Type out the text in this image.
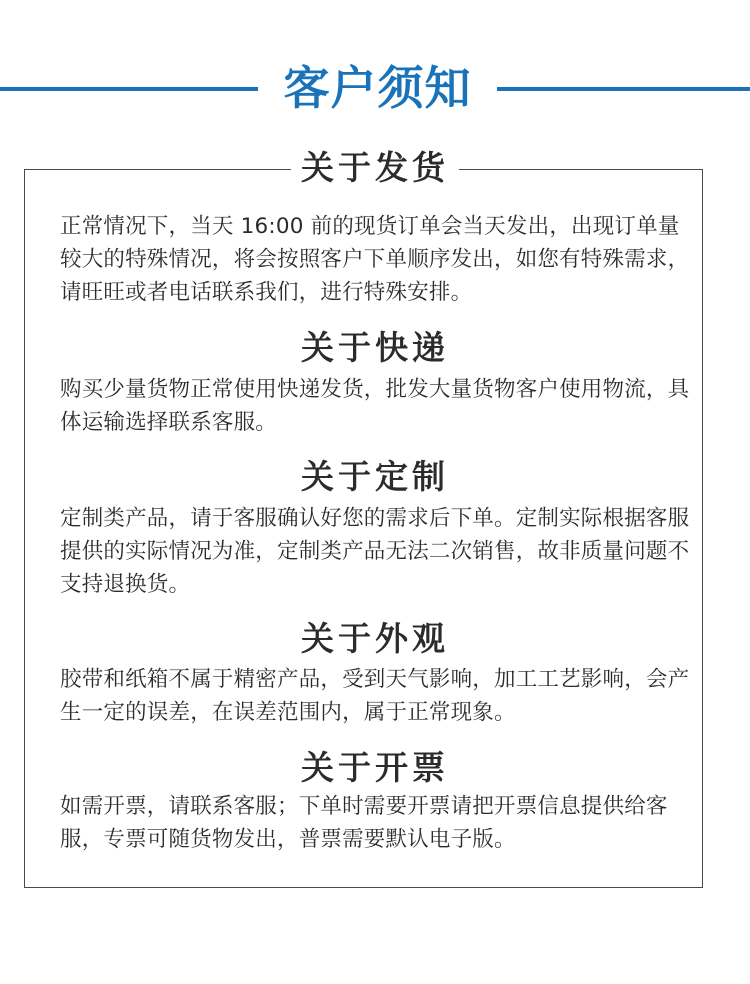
客户须知
关于发货
正常情况下，当天 16:00 前的现货订单会当天发出，出现订单量较大的特殊情况，将会按照客户下单顺序发出，如您有特殊需求，请旺旺或者电话联系我们，进行特殊安排。
关于快递
购买少量货物正常使用快递发货，批发大量货物客户使用物流，具体运输选择联系客服。
关于定制
定制类产品，请于客服确认好您的需求后下单。定制实际根据客服提供的实际情况为准，定制类产品无法二次销售，故非质量问题不支持退换货。
关于外观
胶带和纸箱不属于精密产品，受到天气影响，加工工艺影响，会产生一定的误差，在误差范围内，属于正常现象。
关于开票
如需开票，请联系客服；下单时需要开票请把开票信息提供给客服，专票可随货物发出，普票需要默认电子版。
